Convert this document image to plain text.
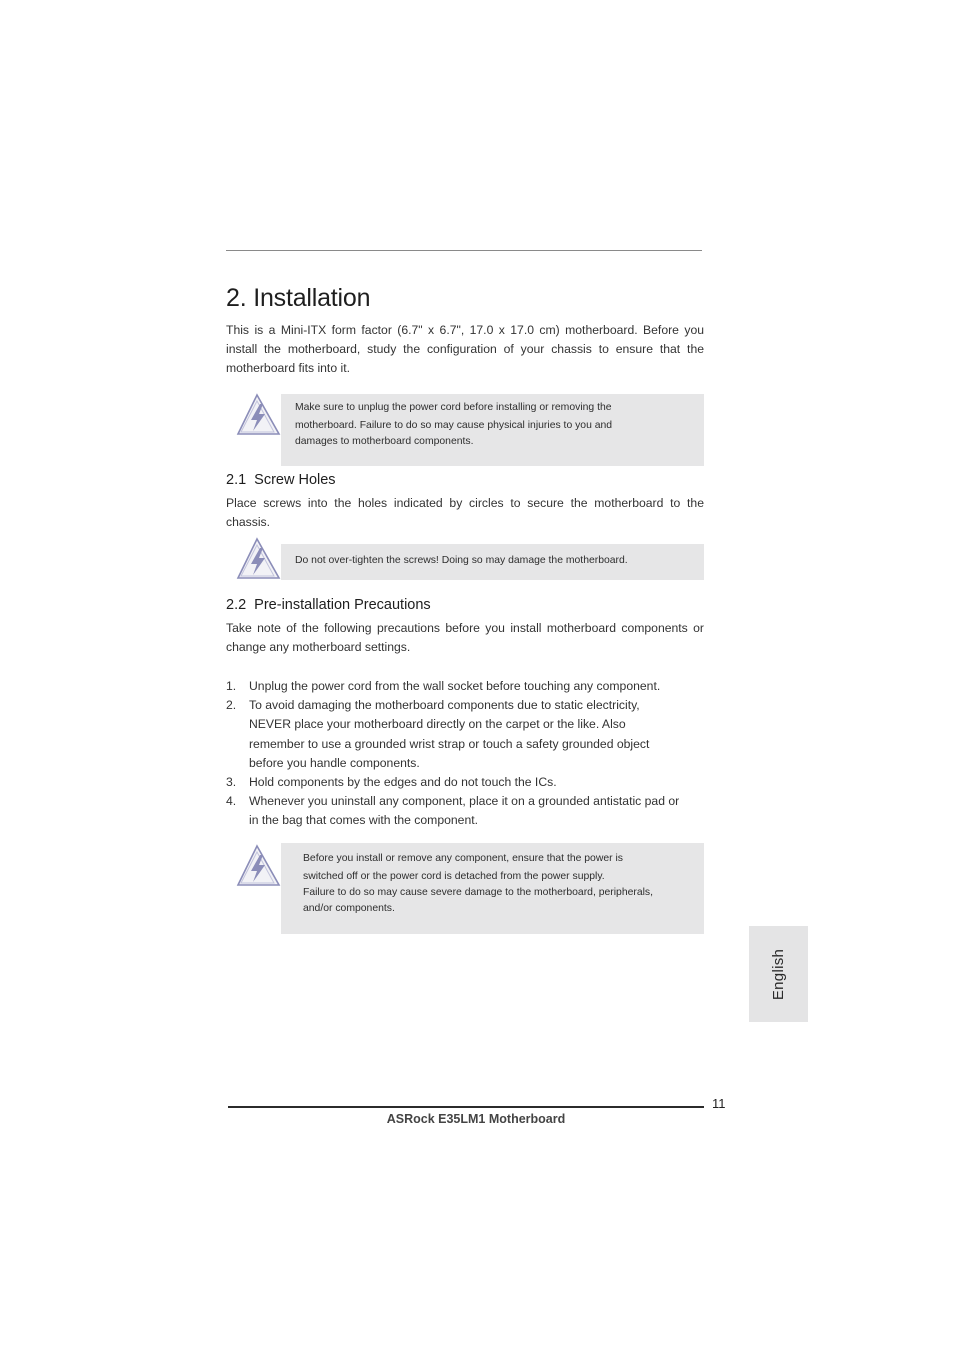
2. Installation

This is a Mini-ITX form factor (6.7" x 6.7", 17.0 x 17.0 cm) motherboard. Before you install the motherboard, study the configuration of your chassis to ensure that the motherboard fits into it.

Make sure to unplug the power cord before installing or removing the

motherboard. Failure to do so may cause physical injuries to you and

damages to motherboard components.

2.1 Screw Holes

Place screws into the holes indicated by circles to secure the motherboard to the chassis.

Do not over-tighten the screws! Doing so may damage the motherboard.

2.2 Pre-installation Precautions

Take note of the following precautions before you install motherboard components or change any motherboard settings.

1. Unplug the power cord from the wall socket before touching any component.
2. To avoid damaging the motherboard components due to static electricity,
NEVER place your motherboard directly on the carpet or the like. Also
remember to use a grounded wrist strap or touch a safety grounded object
before you handle components.
3. Hold components by the edges and do not touch the ICs.
4. Whenever you uninstall any component, place it on a grounded antistatic pad or
in the bag that comes with the component.

Before you install or remove any component, ensure that the power is

switched off or the power cord is detached from the power supply.

Failure to do so may cause severe damage to the motherboard, peripherals,

and/or components.

English
11
ASRock E35LM1 Motherboard
